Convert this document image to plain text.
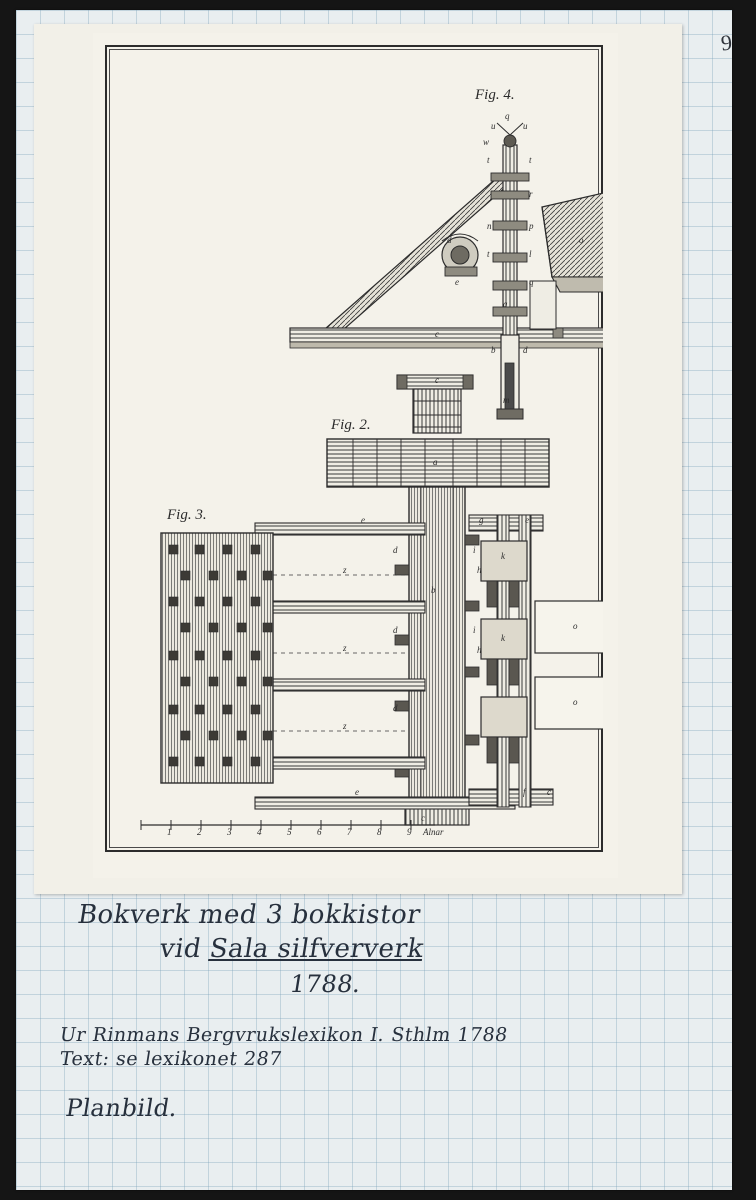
9
Fig. 4.
Fig. 2.
Fig. 3.
1	2	3	4	5	6	7	8	9 Alnar
q
u	u
w
t	t
r
n	p
t	l
d
e	q
a
c
b	d
m
o
c
a
e	e
d
g
i
b
k
h
d	i
k
h
d
z
z
z
e
c
f c
o
o
Bokverk med 3 bokkistor
vid Sala silfververk
1788.
Ur Rinmans Bergvrukslexikon I. Sthlm 1788
Text: se lexikonet 287
Planbild.
